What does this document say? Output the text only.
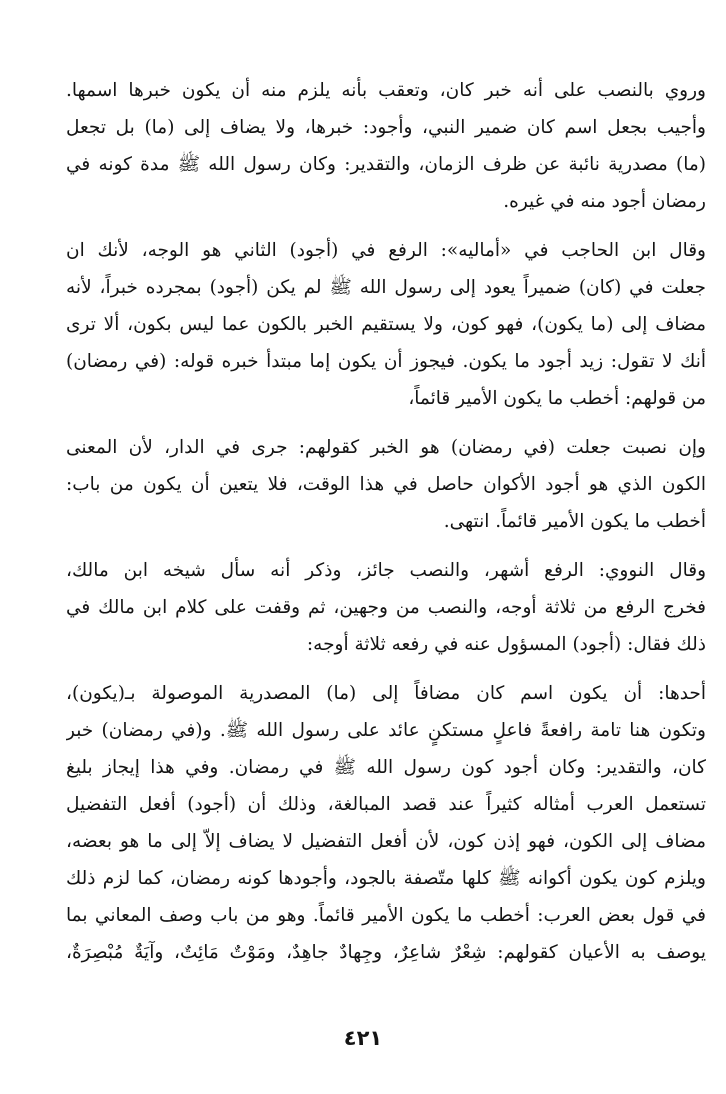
وروي بالنصب على أنه خبر كان، وتعقب بأنه يلزم منه أن يكون خبرها اسمها.
وأجيب بجعل اسم كان ضمير النبي، وأجود: خبرها، ولا يضاف إلى (ما) بل تجعل
(ما) مصدرية نائبة عن ظرف الزمان، والتقدير: وكان رسول الله ﷺ مدة كونه في
رمضان أجود منه في غيره.
وقال ابن الحاجب في «أماليه»: الرفع في (أجود) الثاني هو الوجه، لأنك ان
جعلت في (كان) ضميراً يعود إلى رسول الله ﷺ لم يكن (أجود) بمجرده خبراً، لأنه
مضاف إلى (ما يكون)، فهو كون، ولا يستقيم الخبر بالكون عما ليس بكون، ألا ترى
أنك لا تقول: زيد أجود ما يكون. فيجوز أن يكون إما مبتدأ خبره قوله: (في رمضان)
من قولهم: أخطب ما يكون الأمير قائماً،
وإن نصبت جعلت (في رمضان) هو الخبر كقولهم: جرى في الدار، لأن المعنى
الكون الذي هو أجود الأكوان حاصل في هذا الوقت، فلا يتعين أن يكون من باب:
أخطب ما يكون الأمير قائماً. انتهى.
وقال النووي: الرفع أشهر، والنصب جائز، وذكر أنه سأل شيخه ابن مالك،
فخرج الرفع من ثلاثة أوجه، والنصب من وجهين، ثم وقفت على كلام ابن مالك في
ذلك فقال: (أجود) المسؤول عنه في رفعه ثلاثة أوجه:
أحدها: أن يكون اسم كان مضافاً إلى (ما) المصدرية الموصولة بـ(يكون)،
وتكون هنا تامة رافعةً فاعلٍ مستكنٍ عائد على رسول الله ﷺ. و(في رمضان) خبر
كان، والتقدير: وكان أجود كون رسول الله ﷺ في رمضان. وفي هذا إيجاز بليغ
تستعمل العرب أمثاله كثيراً عند قصد المبالغة، وذلك أن (أجود) أفعل التفضيل
مضاف إلى الكون، فهو إذن كون، لأن أفعل التفضيل لا يضاف إلاّ إلى ما هو بعضه،
ويلزم كون يكون أكوانه ﷺ كلها متّصفة بالجود، وأجودها كونه رمضان، كما لزم ذلك
في قول بعض العرب: أخطب ما يكون الأمير قائماً. وهو من باب وصف المعاني بما
يوصف به الأعيان كقولهم: شِعْرٌ شاعِرٌ، وجِهادٌ جاهِدٌ، ومَوْتٌ مَائِتٌ، وآيَةٌ مُبْصِرَةٌ،
٤٢١
